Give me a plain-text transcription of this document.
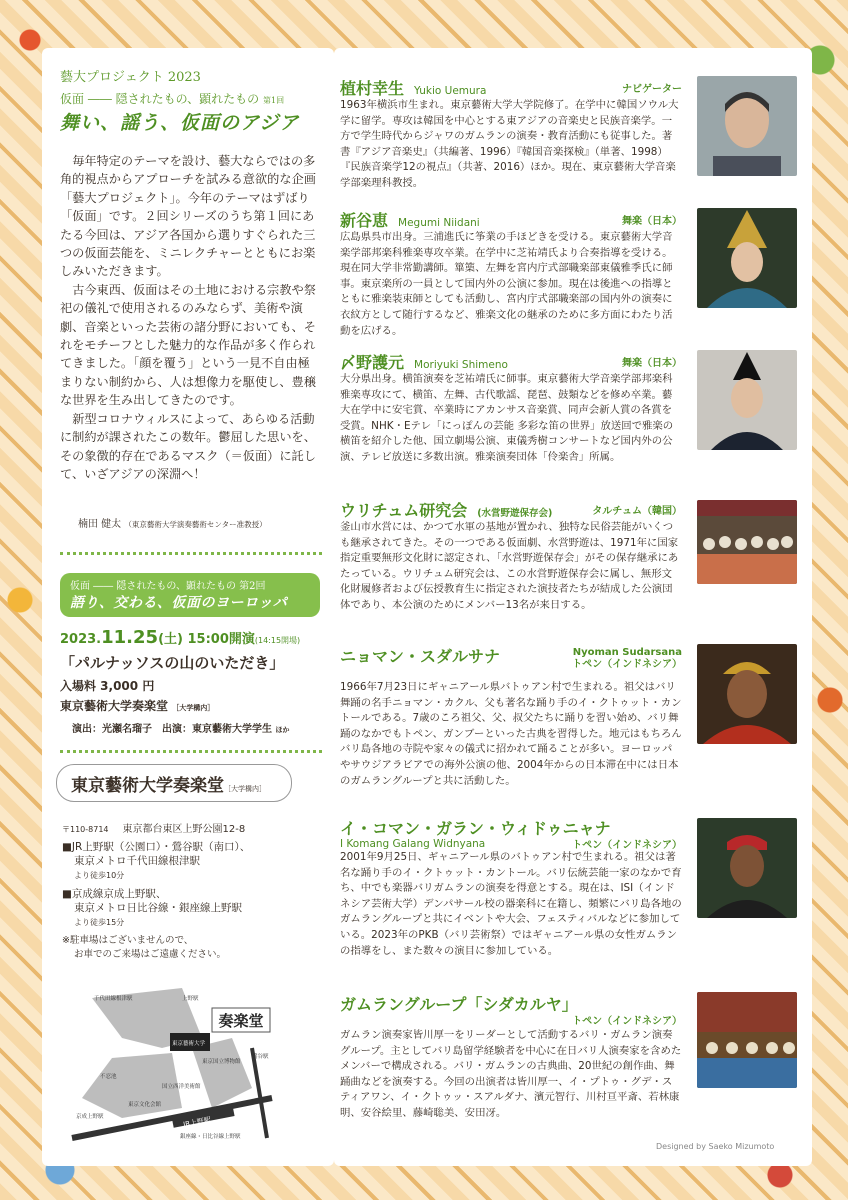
藝大プロジェクト 2023
仮面 ―― 隠されたもの、顕れたもの 第1回
舞い、謡う、仮面のアジア

毎年特定のテーマを設け、藝大ならではの多角的視点からアプローチを試みる意欲的な企画「藝大プロジェクト」。今年のテーマはずばり「仮面」です。２回シリーズのうち第１回にあたる今回は、アジア各国から選りすぐられた三つの仮面芸能を、ミニレクチャーとともにお楽しみいただきます。

古今東西、仮面はその土地における宗教や祭祀の儀礼で使用されるのみならず、美術や演劇、音楽といった芸術の諸分野においても、それをモチーフとした魅力的な作品が多く作られてきました。「顔を覆う」という一見不自由極まりない制約から、人は想像力を駆使し、豊穣な世界を生み出してきたのです。

新型コロナウィルスによって、あらゆる活動に制約が課されたこの数年。鬱屈した思いを、その象徴的存在であるマスク（＝仮面）に託して、いざアジアの深淵へ！

楠田 健太 （東京藝術大学演奏藝術センター准教授）
仮面 ―― 隠されたもの、顕れたもの 第2回
語り、交わる、仮面のヨーロッパ
2023.11.25(土) 15:00開演(14:15開場)
「パルナッソスの山のいただき」
入場料 3,000 円
東京藝術大学奏楽堂 ［大学構内］
演出：光瀬名瑠子　 出演：東京藝術大学学生 ほか
東京藝術大学奏楽堂［大学構内］
〒110-8714 東京都台東区上野公園12-8
■JR上野駅（公園口）・鶯谷駅（南口）、
東京メトロ千代田線根津駅
より徒歩10分
■京成線京成上野駅、
東京メトロ日比谷線・銀座線上野駅
より徒歩15分
※駐車場はございませんので、
お車でのご来場はご遠慮ください。
奏楽堂
JR上野駅
千代田線根津駅	上野駅
鶯谷駅
不忍池
東京藝術大学
東京国立博物館
東京文化会館
国立西洋美術館
京成上野駅
銀座線・日比谷線上野駅
植村幸生 Yukio Uemura	ナビゲーター
1963年横浜市生まれ。東京藝術大学大学院修了。在学中に韓国ソウル大学に留学。専攻は韓国を中心とする東アジアの音楽史と民族音楽学。一方で学生時代からジャワのガムランの演奏・教育活動にも従事した。著書『アジア音楽史』（共編著、1996）『韓国音楽探検』（単著、1998）『民族音楽学12の視点』（共著、2016）ほか。現在、東京藝術大学音楽学部楽理科教授。
新谷恵 Megumi Niidani	舞楽（日本）
広島県呉市出身。三浦進氏に筝業の手ほどきを受ける。東京藝術大学音楽学部邦楽科雅楽専攻卒業。在学中に芝祐靖氏より合奏指導を受ける。現在同大学非常勤講師。篳篥、左舞を宮内庁式部職楽部東儀雅季氏に師事。東京楽所の一員として国内外の公演に参加。現在は後進への指導とともに雅楽装束師としても活動し、宮内庁式部職楽部の国内外の演奏に衣紋方として随行するなど、雅楽文化の継承のために多方面にわたり活動を広げる。
〆野護元 Moriyuki Shimeno	舞楽（日本）
大分県出身。横笛演奏を芝祐靖氏に師事。東京藝術大学音楽学部邦楽科雅楽専攻にて、横笛、左舞、古代歌謡、琵琶、鼓類などを修め卒業。藝大在学中に安宅賞、卒業時にアカンサス音楽賞、同声会新人賞の各賞を受賞。NHK・Eテレ「にっぽんの芸能 多彩な笛の世界」放送回で雅楽の横笛を紹介した他、国立劇場公演、東儀秀樹コンサートなど国内外の公演、テレビ放送に多数出演。雅楽演奏団体「伶楽舎」所属。
ウリチュム研究会 (水営野遊保存会)	タルチュム（韓国）
釜山市水営には、かつて水軍の基地が置かれ、独特な民俗芸能がいくつも継承されてきた。その一つである仮面劇、水営野遊は、1971年に国家指定重要無形文化財に認定され、「水営野遊保存会」がその保存継承にあたっている。ウリチュム研究会は、この水営野遊保存会に属し、無形文化財履修者および伝授教育生に指定された演技者たちが結成した公演団体であり、本公演のためにメンバー13名が来日する。
ニョマン・スダルサナ	Nyoman Sudarsana
トペン（インドネシア）
1966年7月23日にギャニアール県バトゥアン村で生まれる。祖父はバリ舞踊の名手ニョマン・カクル、父も著名な踊り手のイ・クトゥット・カントールである。7歳のころ祖父、父、叔父たちに踊りを習い始め、バリ舞踊のなかでもトペン、ガンブーといった古典を習得した。地元はもちろんバリ島各地の寺院や家々の儀式に招かれて踊ることが多い。ヨーロッパやサウジアラビアでの海外公演の他、2004年からの日本滞在中には日本のガムラングループと共に活動した。
イ・コマン・ガラン・ウィドゥニャナ
トペン（インドネシア）
I Komang Galang Widnyana
2001年9月25日、ギャニアール県のバトゥアン村で生まれる。祖父は著名な踊り手のイ・クトゥット・カントール。バリ伝統芸能一家のなかで育ち、中でも楽器バリガムランの演奏を得意とする。現在は、ISI（インドネシア芸術大学）デンパサール校の器楽科に在籍し、頻繁にバリ島各地のガムラングループと共にイベントや大会、フェスティバルなどに参加している。2023年のPKB（バリ芸術祭）ではギャニアール県の女性ガムランの指導をし、また数々の演目に参加している。
ガムラングループ「シダカルヤ」
トペン（インドネシア）
ガムラン演奏家皆川厚一をリーダーとして活動するバリ・ガムラン演奏グループ。主としてバリ島留学経験者を中心に在日バリ人演奏家を含めたメンバーで構成される。バリ・ガムランの古典曲、20世紀の創作曲、舞踊曲などを演奏する。今回の出演者は皆川厚一、イ・プトゥ・グデ・スティアワン、イ・クトゥッ・スアルダナ、濱元智行、川村亘平斎、若林康明、安谷絵里、藤崎聡美、安田冴。
Designed by Saeko Mizumoto
